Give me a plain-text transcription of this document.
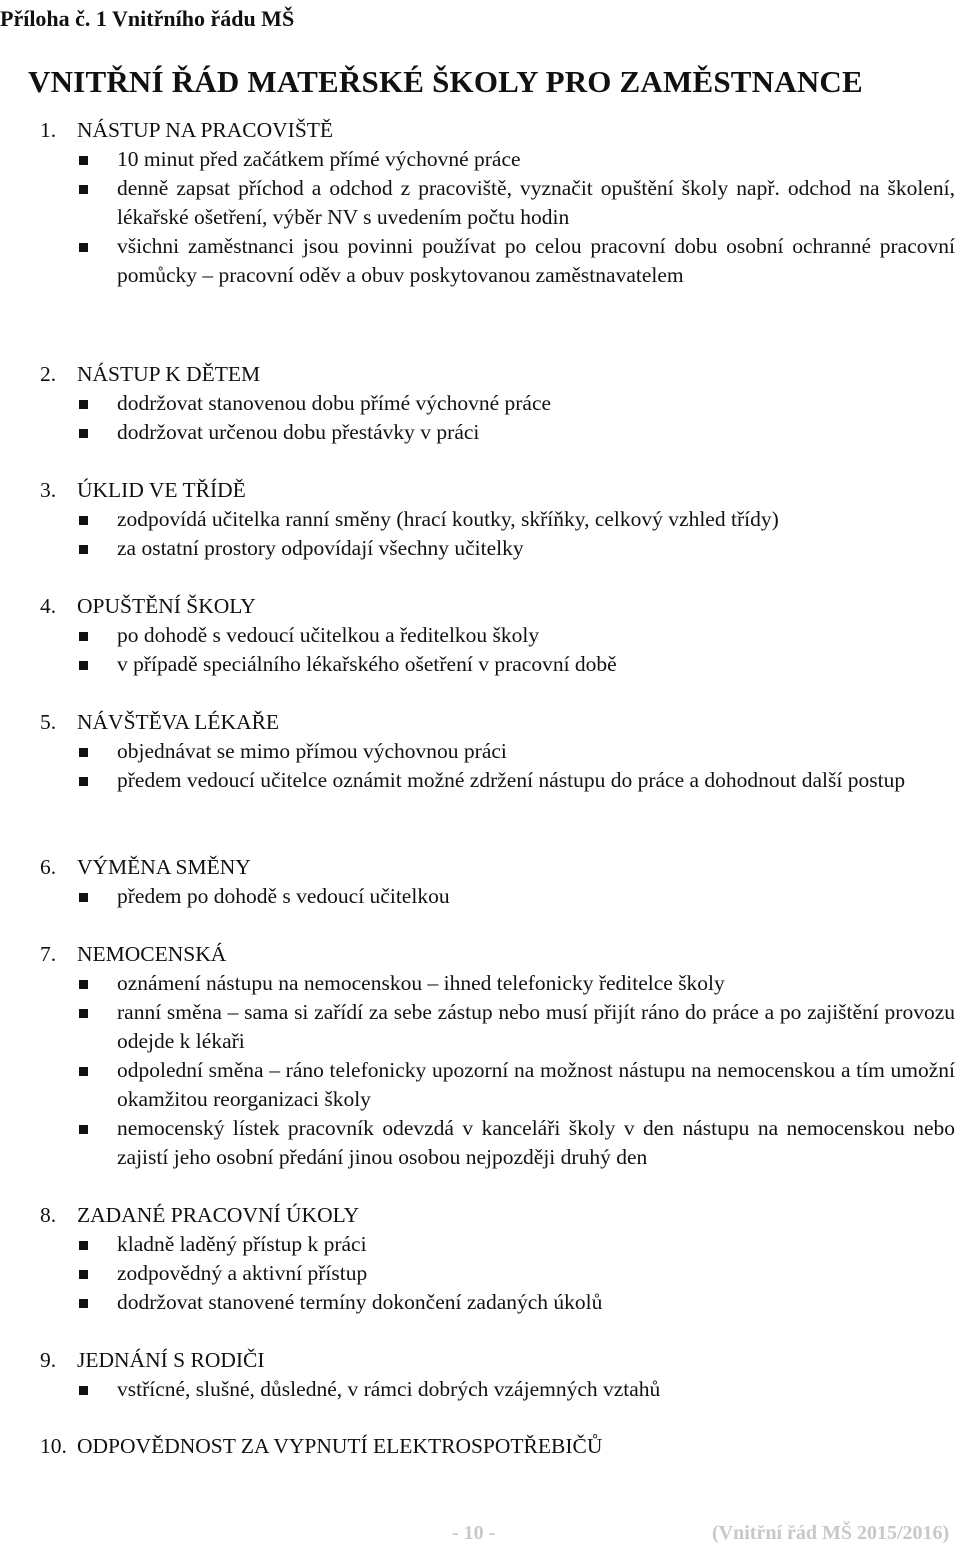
Příloha č. 1 Vnitřního řádu MŠ
VNITŘNÍ ŘÁD MATEŘSKÉ ŠKOLY PRO ZAMĚSTNANCE
1. NÁSTUP NA PRACOVIŠTĚ
10 minut před začátkem přímé výchovné práce
denně zapsat příchod a odchod z pracoviště, vyznačit opuštění školy např. odchod na školení, lékařské ošetření, výběr NV s uvedením počtu hodin
všichni zaměstnanci jsou povinni používat po celou pracovní dobu osobní ochranné pracovní pomůcky – pracovní oděv a obuv poskytovanou zaměstnavatelem
2. NÁSTUP K DĚTEM
dodržovat stanovenou dobu přímé výchovné práce
dodržovat určenou dobu přestávky v práci
3. ÚKLID VE TŘÍDĚ
zodpovídá učitelka ranní směny (hrací koutky, skříňky, celkový vzhled třídy)
za ostatní prostory odpovídají všechny učitelky
4. OPUŠTĚNÍ ŠKOLY
po dohodě s vedoucí učitelkou a ředitelkou školy
v případě speciálního lékařského ošetření v pracovní době
5. NÁVŠTĚVA LÉKAŘE
objednávat se mimo přímou výchovnou práci
předem vedoucí učitelce oznámit možné zdržení nástupu do práce a dohodnout další postup
6. VÝMĚNA SMĚNY
předem po dohodě s vedoucí učitelkou
7. NEMOCENSKÁ
oznámení nástupu na nemocenskou – ihned telefonicky ředitelce školy
ranní směna – sama si zařídí za sebe zástup nebo musí přijít ráno do práce a po zajištění provozu odejde k lékaři
odpolední směna – ráno telefonicky upozorní na možnost nástupu na nemocenskou a tím umožní okamžitou reorganizaci školy
nemocenský lístek pracovník odevzdá v kanceláři školy v den nástupu na nemocenskou nebo zajistí jeho osobní předání jinou osobou nejpozději druhý den
8. ZADANÉ PRACOVNÍ ÚKOLY
kladně laděný přístup k práci
zodpovědný a aktivní přístup
dodržovat stanovené termíny dokončení zadaných úkolů
9. JEDNÁNÍ S RODIČI
vstřícné, slušné, důsledné, v rámci dobrých vzájemných vztahů
10. ODPOVĚDNOST ZA VYPNUTÍ ELEKTROSPOTŘEBIČŮ
- 10 -	(Vnitřní řád MŠ 2015/2016)
